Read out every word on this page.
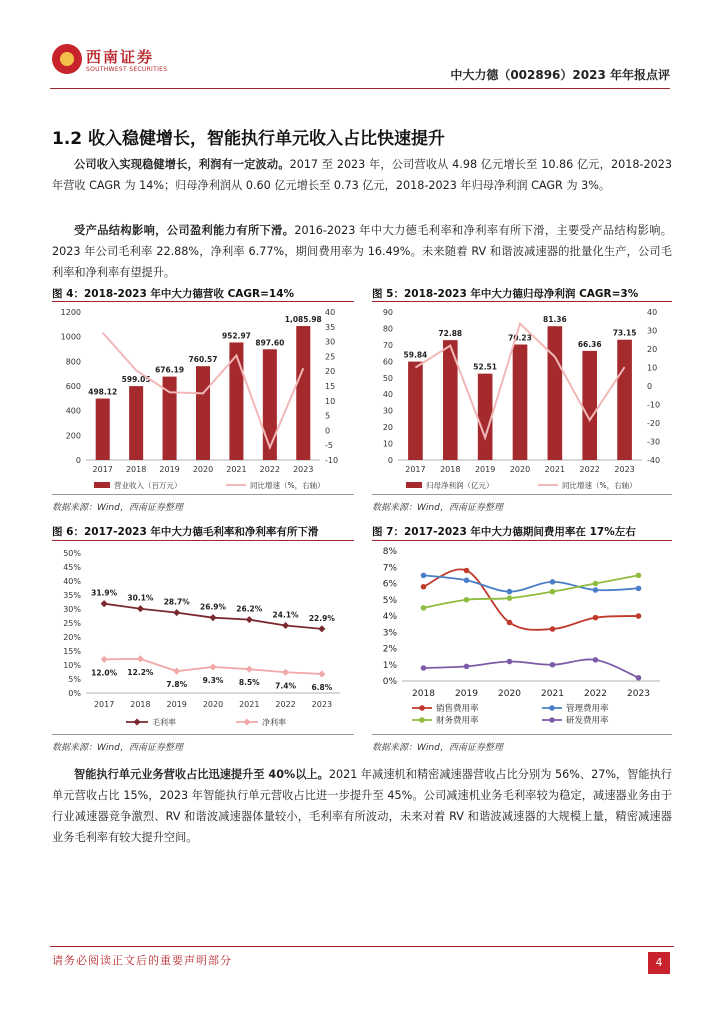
西南证券
SOUTHWEST SECURITIES	中大力德（002896）2023 年年报点评
1.2 收入稳健增长，智能执行单元收入占比快速提升
公司收入实现稳健增长，利润有一定波动。2017 至 2023 年，公司营收从 4.98 亿元增长至 10.86 亿元，2018-2023 年营收 CAGR 为 14%；归母净利润从 0.60 亿元增长至 0.73 亿元，2018-2023 年归母净利润 CAGR 为 3%。
受产品结构影响，公司盈利能力有所下滑。2016-2023 年中大力德毛利率和净利率有所下滑，主要受产品结构影响。2023 年公司毛利率 22.88%，净利率 6.77%，期间费用率为 16.49%。未来随着 RV 和谐波减速器的批量化生产，公司毛利率和净利率有望提升。
图 4：2018-2023 年中大力德营收 CAGR=14%
0
200
400
600
800
1000
1200
-10
-5
0
5
10
15
20
25
30
35
40
498.12
2017
599.05
2018
676.19
2019
760.57
2020
952.97
2021
897.60
2022
1,085.98
2023
营业收入（百万元）	同比增速（%，右轴）
数据来源：Wind，西南证券整理
图 5：2018-2023 年中大力德归母净利润 CAGR=3%
0
10
20
30
40
50
60
70
80
90
-40
-30
-20
-10
0
10
20
30
40
59.84
2017
72.88
2018
52.51
2019
70.23
2020
81.36
2021
66.36
2022
73.15
2023
归母净利润（亿元）	同比增速（%，右轴）
数据来源：Wind，西南证券整理
图 6：2017-2023 年中大力德毛利率和净利率有所下滑
0%
5%
10%
15%
20%
25%
30%
35%
40%
45%
50%
2017 2018 2019 2020 2021 2022 2023
31.9%
30.1% 28.7%
26.9% 26.2%
24.1% 22.9%
12.0% 12.2%
7.8% 9.3% 8.5% 7.4% 6.8%
毛利率	净利率
数据来源：Wind，西南证券整理
图 7：2017-2023 年中大力德期间费用率在 17%左右
0%
1%
2%
3%
4%
5%
6%
7%
8%
2018 2019 2020 2021 2022 2023
销售费用率	管理费用率
财务费用率	研发费用率
数据来源：Wind，西南证券整理
智能执行单元业务营收占比迅速提升至 40%以上。2021 年减速机和精密减速器营收占比分别为 56%、27%，智能执行单元营收占比 15%，2023 年智能执行单元营收占比进一步提升至 45%。公司减速机业务毛利率较为稳定，减速器业务由于行业减速器竞争激烈、RV 和谐波减速器体量较小，毛利率有所波动，未来对着 RV 和谐波减速器的大规模上量，精密减速器业务毛利率有较大提升空间。
请务必阅读正文后的重要声明部分	4
